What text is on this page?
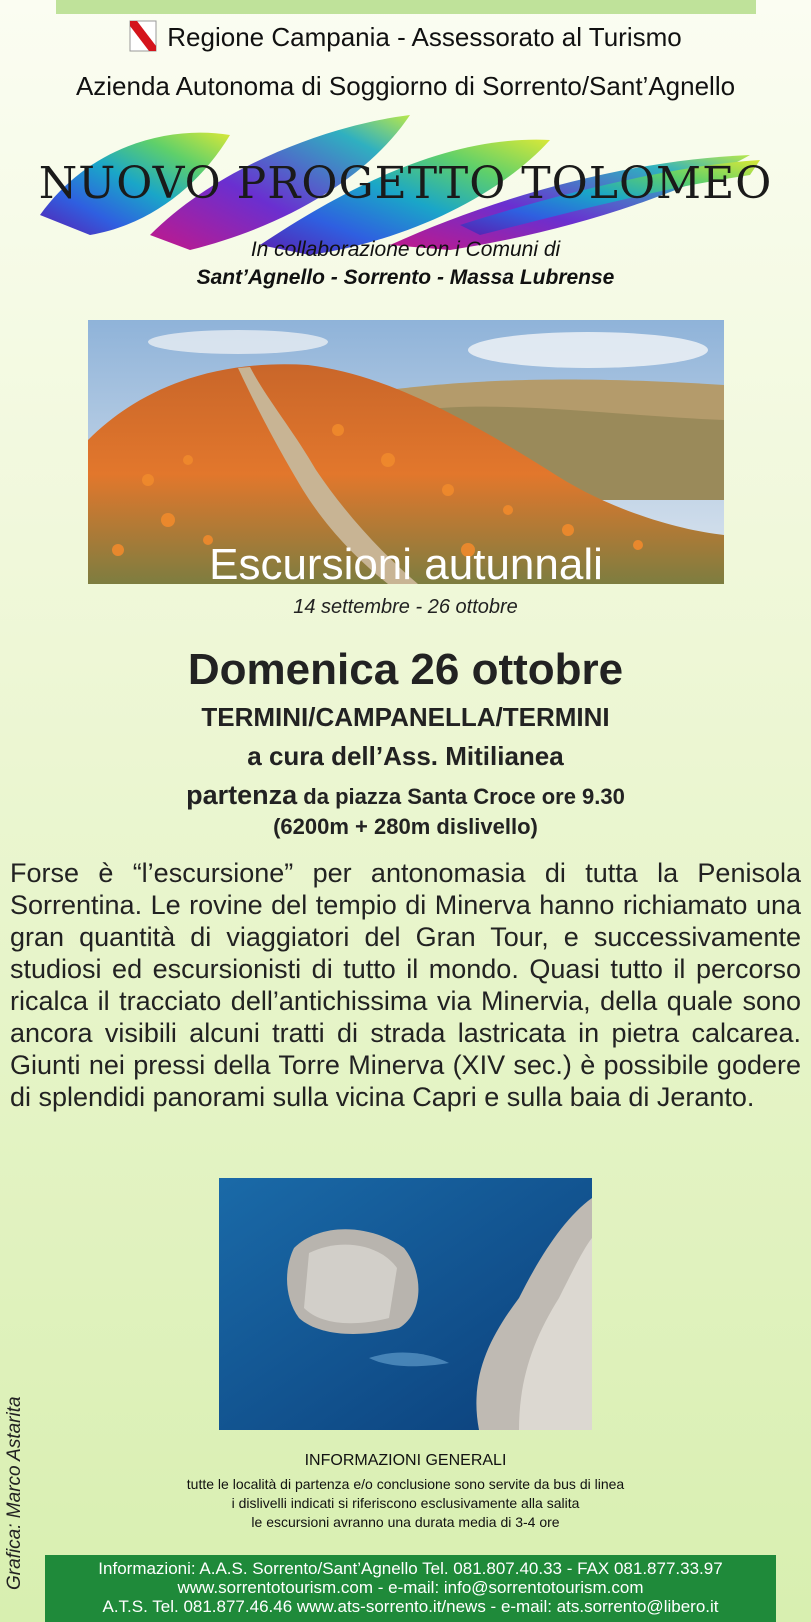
Regione Campania - Assessorato al Turismo
Azienda Autonoma di Soggiorno di Sorrento/Sant’Agnello
NUOVO PROGETTO TOLOMEO
In collaborazione con i Comuni di
Sant’Agnello - Sorrento - Massa Lubrense
Escursioni autunnali
14 settembre - 26 ottobre
Domenica 26 ottobre
TERMINI/CAMPANELLA/TERMINI
a cura dell’Ass. Mitilianea
partenza da piazza Santa Croce ore 9.30
(6200m + 280m dislivello)
Forse è “l’escursione” per antonomasia di tutta la Penisola Sorrentina. Le rovine del tempio di Minerva hanno richiamato una gran quantità di viaggiatori del Gran Tour, e successivamente studiosi ed escursionisti di tutto il mondo. Quasi tutto il percorso ricalca il tracciato dell’antichissima via Minervia, della quale sono ancora visibili alcuni tratti di strada lastricata in pietra calcarea. Giunti nei pressi della Torre Minerva (XIV sec.) è possibile godere di splendidi panorami sulla vicina Capri e sulla baia di Jeranto.
Grafica: Marco Astarita	INFORMAZIONI GENERALI
tutte le località di partenza e/o conclusione sono servite da bus di linea
i dislivelli indicati si riferiscono esclusivamente alla salita
le escursioni avranno una durata media di 3-4 ore
Informazioni: A.A.S. Sorrento/Sant’Agnello Tel. 081.807.40.33 - FAX 081.877.33.97
www.sorrentotourism.com - e-mail: info@sorrentotourism.com
A.T.S. Tel. 081.877.46.46 www.ats-sorrento.it/news - e-mail: ats.sorrento@libero.it
